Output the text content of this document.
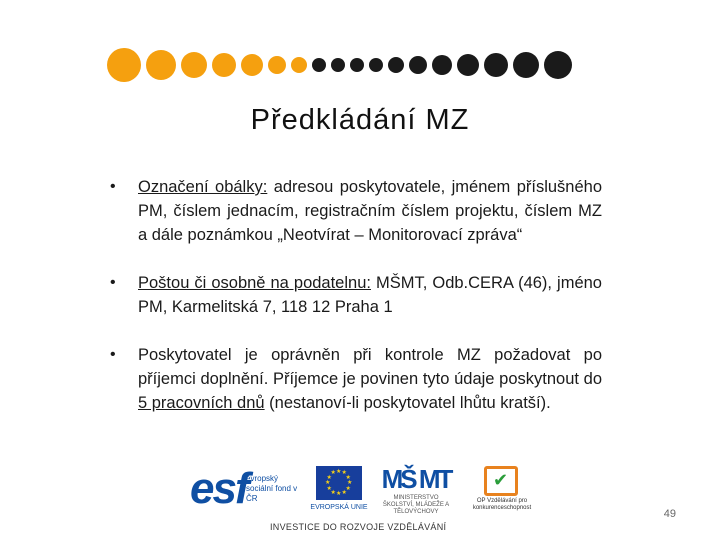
Předkládání MZ
• Označení obálky: adresou poskytovatele, jménem příslušného PM, číslem jednacím, registračním číslem projektu, číslem MZ a dále poznámkou „Neotvírat – Monitorovací zpráva“
• Poštou či osobně na podatelnu: MŠMT, Odb.CERA (46), jméno PM, Karmelitská 7, 118 12 Praha 1
• Poskytovatel je oprávněn při kontrole MZ požadovat po příjemci doplnění. Příjemce je povinen tyto údaje poskytnout do 5 pracovních dnů (nestanoví-li poskytovatel lhůtu kratší).
esf
evropský sociální fond v ČR
★ ★
★
★
★
★
★
★
★
★
★
★
EVROPSKÁ UNIE
MŠ MT
MINISTERSTVO ŠKOLSTVÍ, MLÁDEŽE A TĚLOVÝCHOVY
✔
OP Vzdělávání pro konkurenceschopnost
INVESTICE DO ROZVOJE VZDĚLÁVÁNÍ
49
